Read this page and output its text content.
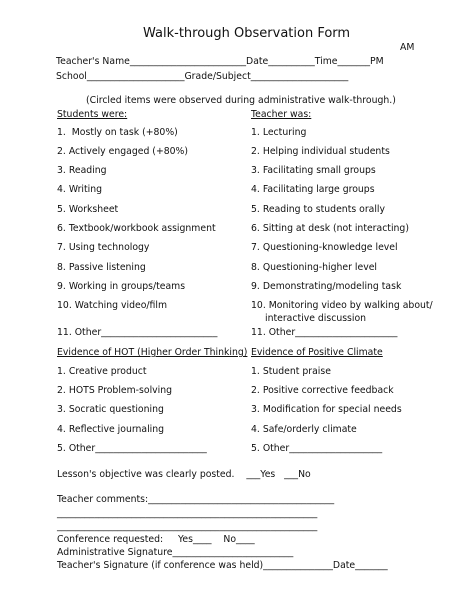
Walk-through Observation Form
AM
Teacher's Name_________________________Date__________Time_______PM
School_____________________Grade/Subject_____________________
(Circled items were observed during administrative walk-through.)
Students were:	Teacher was:
1.  Mostly on task (+80%)
2. Actively engaged (+80%)
3. Reading
4. Writing
5. Worksheet
6. Textbook/workbook assignment
7. Using technology
8. Passive listening
9. Working in groups/teams
10. Watching video/film
11. Other_________________________
1. Lecturing
2. Helping individual students
3. Facilitating small groups
4. Facilitating large groups
5. Reading to students orally
6. Sitting at desk (not interacting)
7. Questioning-knowledge level
8. Questioning-higher level
9. Demonstrating/modeling task
10. Monitoring video by walking about/
interactive discussion
11. Other______________________
Evidence of HOT (Higher Order Thinking) Evidence of Positive Climate
1. Creative product
2. HOTS Problem-solving
3. Socratic questioning
4. Reflective journaling
5. Other________________________
1. Student praise
2. Positive corrective feedback
3. Modification for special needs
4. Safe/orderly climate
5. Other____________________
Lesson's objective was clearly posted.    ___Yes   ___No
Teacher comments:________________________________________
________________________________________________________
________________________________________________________
Conference requested:     Yes____    No____
Administrative Signature__________________________
Teacher's Signature (if conference was held)_______________Date_______
